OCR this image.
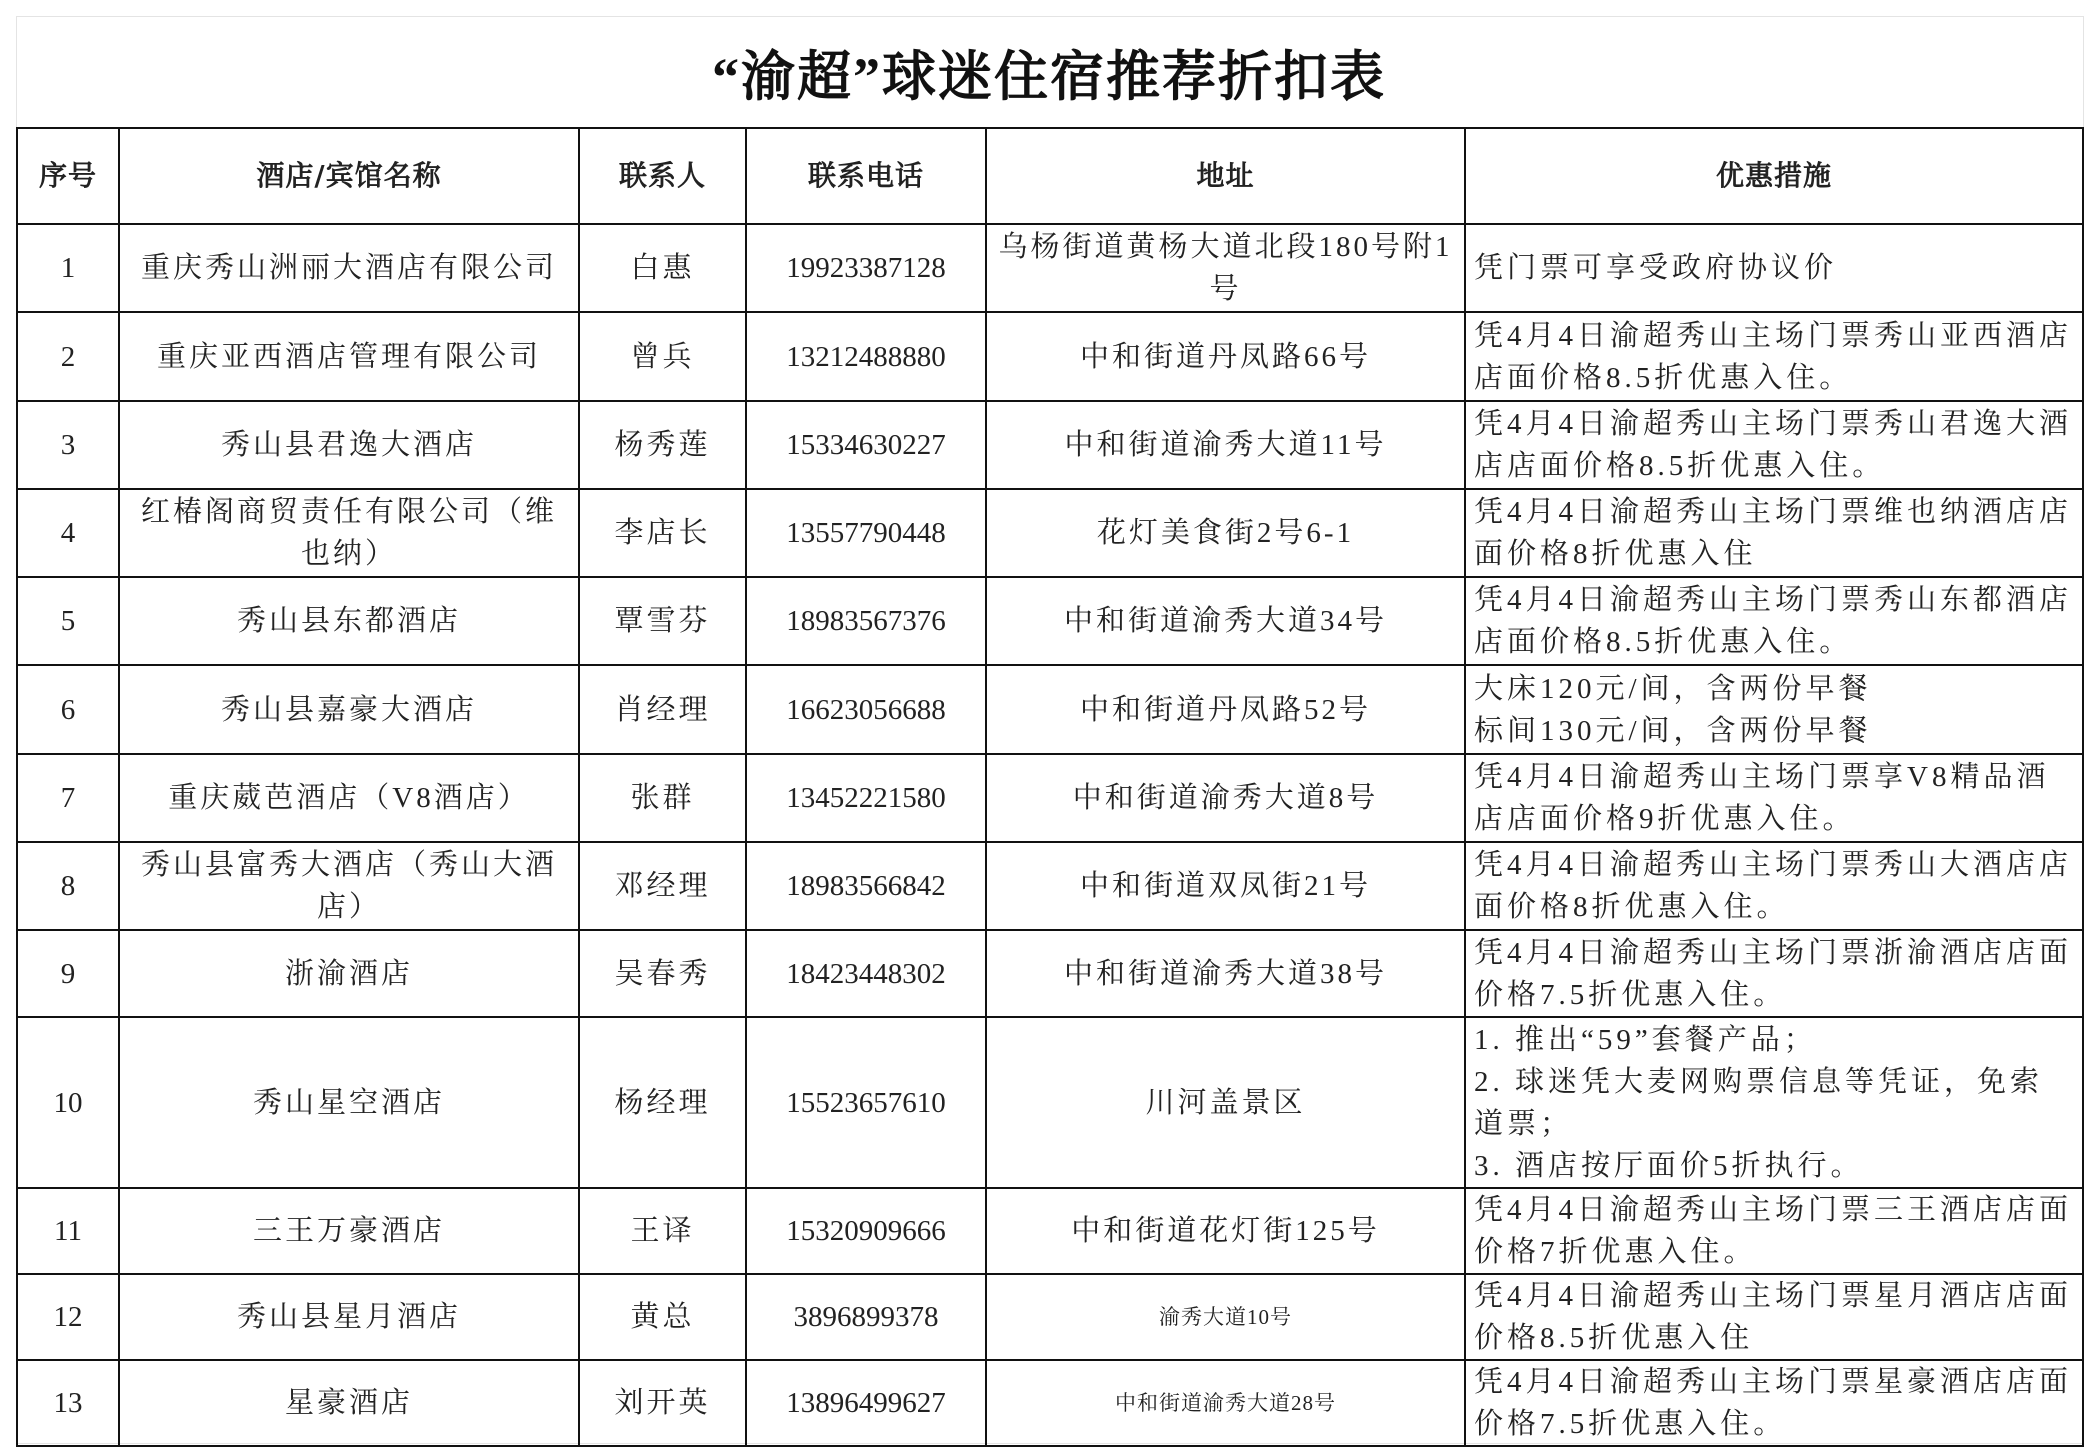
“渝超”球迷住宿推荐折扣表
序号	酒店/宾馆名称	联系人	联系电话	地址	优惠措施
1	重庆秀山洲丽大酒店有限公司	白惠	19923387128	乌杨街道黄杨大道北段180号附1号	凭门票可享受政府协议价

2	重庆亚西酒店管理有限公司	曾兵	13212488880	中和街道丹凤路66号	凭4月4日渝超秀山主场门票秀山亚西酒店店面价格8.5折优惠入住。

3	秀山县君逸大酒店	杨秀莲	15334630227	中和街道渝秀大道11号	凭4月4日渝超秀山主场门票秀山君逸大酒店店面价格8.5折优惠入住。

4	红椿阁商贸责任有限公司（维也纳）	李店长	13557790448	花灯美食街2号6-1	凭4月4日渝超秀山主场门票维也纳酒店店面价格8折优惠入住

5	秀山县东都酒店	覃雪芬	18983567376	中和街道渝秀大道34号	凭4月4日渝超秀山主场门票秀山东都酒店店面价格8.5折优惠入住。

6	秀山县嘉豪大酒店	肖经理	16623056688	中和街道丹凤路52号	大床120元/间，含两份早餐
标间130元/间，含两份早餐

7	重庆葳芭酒店（V8酒店）	张群	13452221580	中和街道渝秀大道8号	凭4月4日渝超秀山主场门票享V8精品酒店店面价格9折优惠入住。

8	秀山县富秀大酒店（秀山大酒店）	邓经理	18983566842	中和街道双凤街21号	凭4月4日渝超秀山主场门票秀山大酒店店面价格8折优惠入住。

9	浙渝酒店	吴春秀	18423448302	中和街道渝秀大道38号	凭4月4日渝超秀山主场门票浙渝酒店店面价格7.5折优惠入住。

10	秀山星空酒店	杨经理	15523657610	川河盖景区	1. 推出“59”套餐产品；
2. 球迷凭大麦网购票信息等凭证，免索道票；
3. 酒店按厅面价5折执行。

11	三王万豪酒店	王译	15320909666	中和街道花灯街125号	凭4月4日渝超秀山主场门票三王酒店店面价格7折优惠入住。

12	秀山县星月酒店	黄总	3896899378	渝秀大道10号	凭4月4日渝超秀山主场门票星月酒店店面价格8.5折优惠入住

13	星豪酒店	刘开英	13896499627	中和街道渝秀大道28号	凭4月4日渝超秀山主场门票星豪酒店店面价格7.5折优惠入住。
